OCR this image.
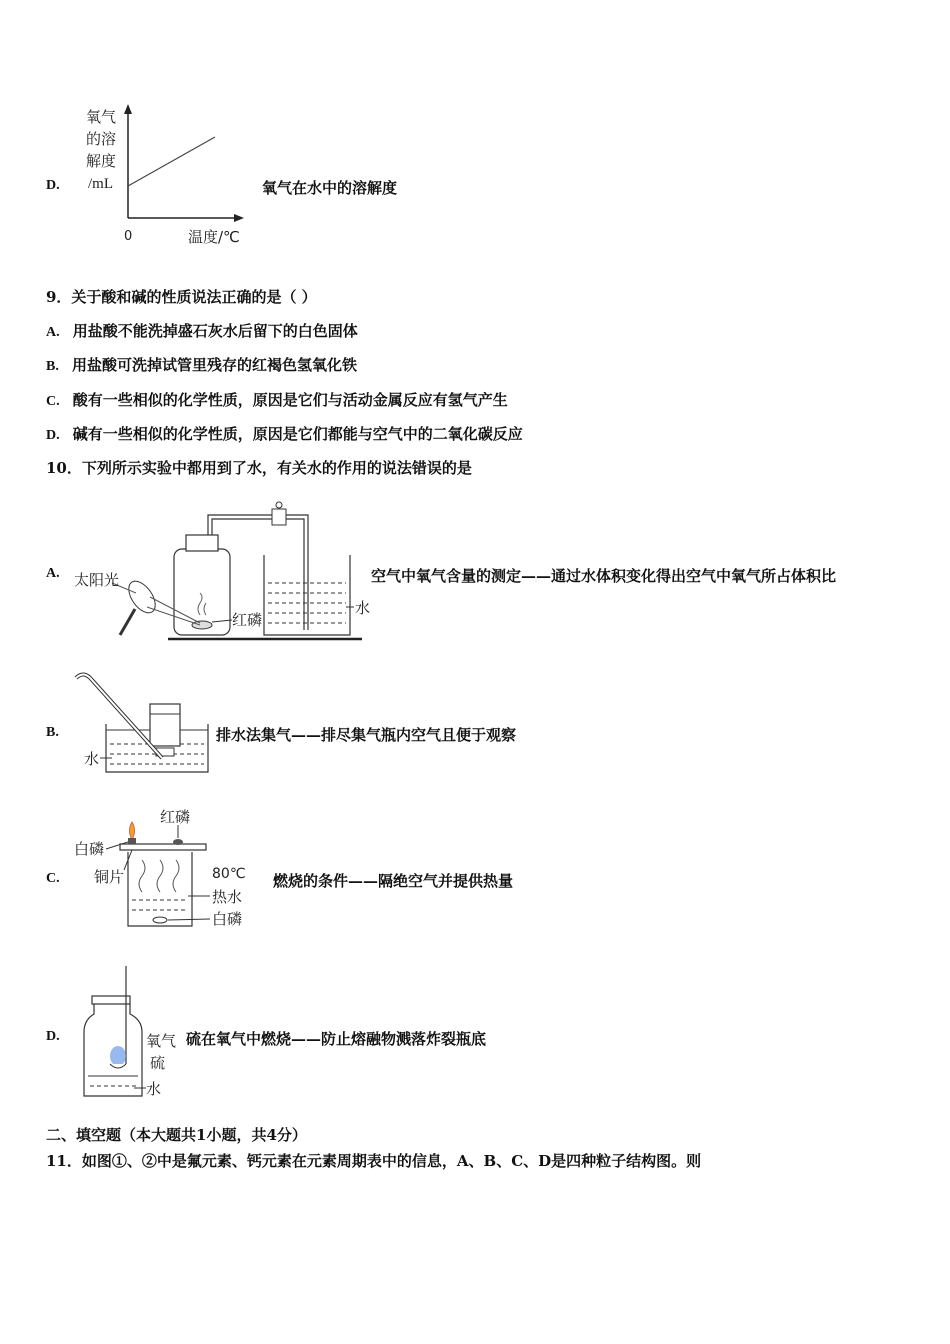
D.
氧气
的溶
解度
/mL
0	温度/℃
氧气在水中的溶解度
9．关于酸和碱的性质说法正确的是（ ）
A. 用盐酸不能洗掉盛石灰水后留下的白色固体
B. 用盐酸可洗掉试管里残存的红褐色氢氧化铁
C. 酸有一些相似的化学性质，原因是它们与活动金属反应有氢气产生
D. 碱有一些相似的化学性质，原因是它们都能与空气中的二氧化碳反应
10．下列所示实验中都用到了水，有关水的作用的说法错误的是
A. 太阳光
红磷
水
空气中氧气含量的测定——通过水体积变化得出空气中氧气所占体积比
B.
水
排水法集气——排尽集气瓶内空气且便于观察
C.
红磷
白磷
铜片	80℃
热水
白磷
燃烧的条件——隔绝空气并提供热量
D.	氧气
硫
水
硫在氧气中燃烧——防止熔融物溅落炸裂瓶底
二、填空题（本大题共1小题，共4分）
11．如图①、②中是氟元素、钙元素在元素周期表中的信息，A、B、C、D是四种粒子结构图。则
